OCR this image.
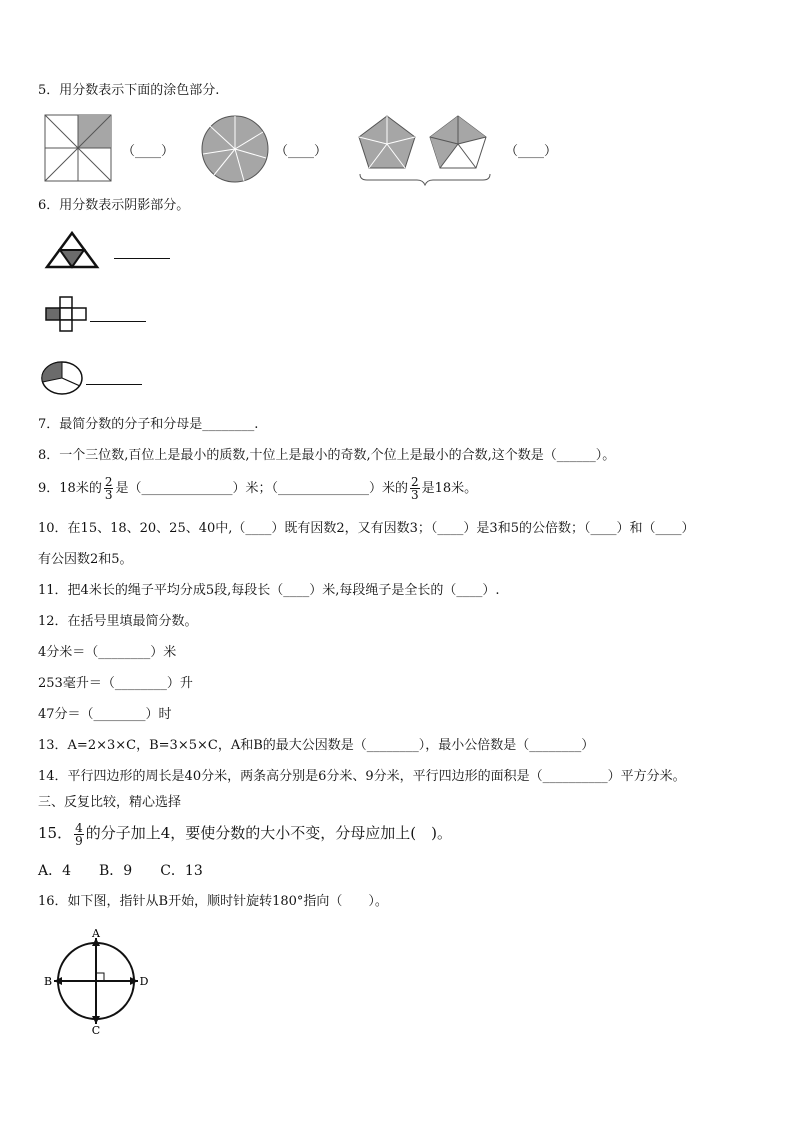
5．用分数表示下面的涂色部分.
（____）	（____）	（____）
6．用分数表示阴影部分。
7．最简分数的分子和分母是________.
8．一个三位数,百位上是最小的质数,十位上是最小的奇数,个位上是最小的合数,这个数是（______）。
9．18米的 $\frac{2}{3}$ 是（______________）米；（______________）米的 $\frac{2}{3}$ 是18米。
10．在15、18、20、25、40中,（____）既有因数2，又有因数3；（____）是3和5的公倍数；（____）和（____）
有公因数2和5。
11．把4米长的绳子平均分成5段,每段长（____）米,每段绳子是全长的（____）.
12．在括号里填最简分数。
4分米＝（________）米
253毫升＝（________）升
47分＝（________）时
13．A=2×3×C，B=3×5×C，A和B的最大公因数是（________），最小公倍数是（________）
14．平行四边形的周长是40分米，两条高分别是6分米、9分米，平行四边形的面积是（__________）平方分米。
三、反复比较，精心选择
15． $\frac{4}{9}$ 的分子加上4，要使分数的大小不变，分母应加上(　)。
A．4　　B．9　　C．13
16．如下图，指针从B开始，顺时针旋转180°指向（　　）。
A
B
C
D
